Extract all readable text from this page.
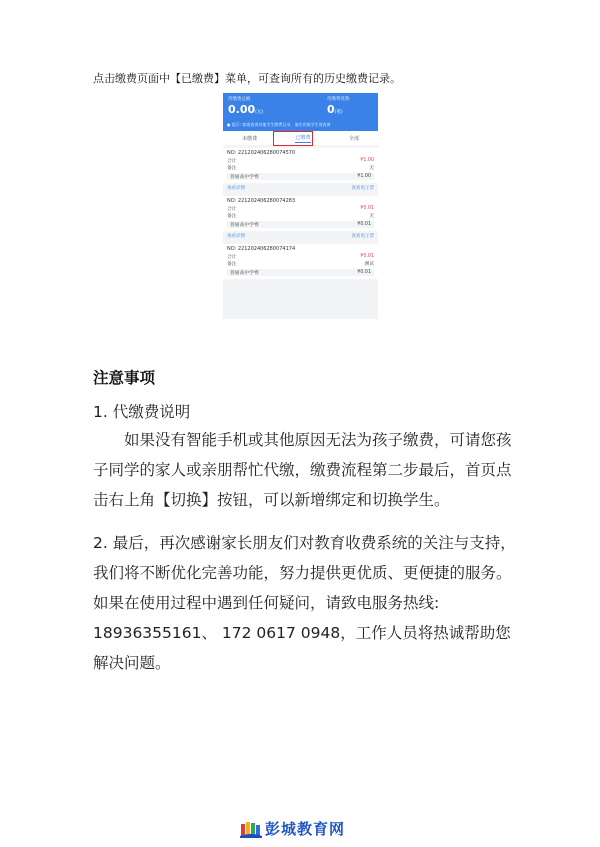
点击缴费页面中【已缴费】菜单，可查询所有的历史缴费记录。
待缴费总额
0.00(元)
待缴费笔数
0(笔)
● 提示: 如需查询其他学生缴费记录，请先切换学生再查询
未缴费	已缴费	全部
NO: 2212024062800745​70
合计	¥1.00
备注	无
普通高中学费	¥1.00
查看详情	查看电子票
NO: 221202406280074283
合计	¥0.01
备注	无
普通高中学费	¥0.01
查看详情	查看电子票
NO: 221202406280074174
合计	¥0.01
备注	测试
普通高中学费	¥0.01
注意事项
1. 代缴费说明
如果没有智能手机或其他原因无法为孩子缴费，可请您孩子同学的家人或亲朋帮忙代缴，缴费流程第二步最后，首页点击右上角【切换】按钮，可以新增绑定和切换学生。
2. 最后，再次感谢家长朋友们对教育收费系统的关注与支持，我们将不断优化完善功能，努力提供更优质、更便捷的服务。如果在使用过程中遇到任何疑问，请致电服务热线: 18936355161、 172 0617 0948，工作人员将热诚帮助您解决问题。
彭城教育网
